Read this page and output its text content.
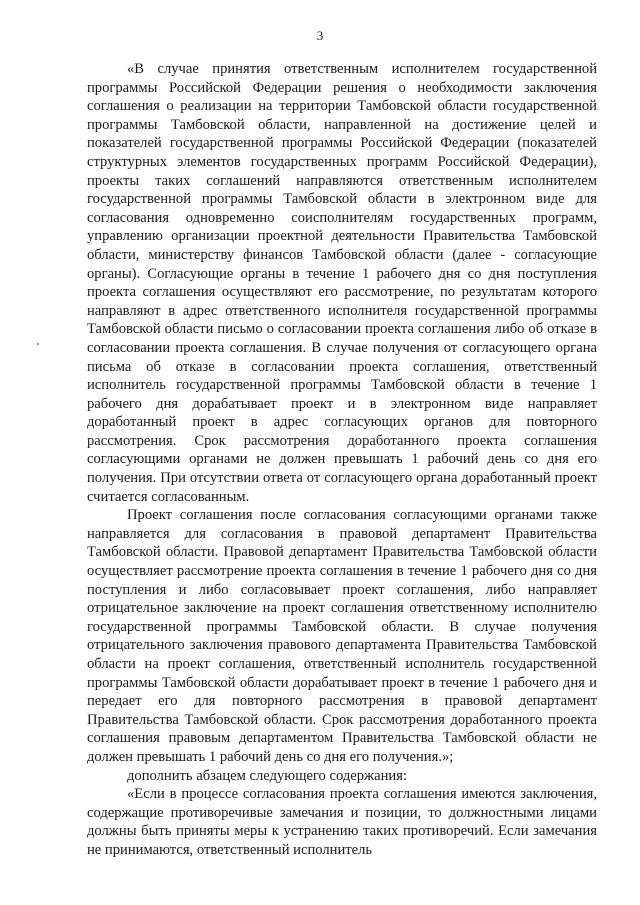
3

«В случае принятия ответственным исполнителем государственной программы Российской Федерации решения о необходимости заключения соглашения о реализации на территории Тамбовской области государственной программы Тамбовской области, направленной на достижение целей и показателей государственной программы Российской Федерации (показателей структурных элементов государственных программ Российской Федерации), проекты таких соглашений направляются ответственным исполнителем государственной программы Тамбовской области в электронном виде для согласования одновременно соисполнителям государственных программ, управлению организации проектной деятельности Правительства Тамбовской области, министерству финансов Тамбовской области (далее - согласующие органы). Согласующие органы в течение 1 рабочего дня со дня поступления проекта соглашения осуществляют его рассмотрение, по результатам которого направляют в адрес ответственного исполнителя государственной программы Тамбовской области письмо о согласовании проекта соглашения либо об отказе в согласовании проекта соглашения. В случае получения от согласующего органа письма об отказе в согласовании проекта соглашения, ответственный исполнитель государственной программы Тамбовской области в течение 1 рабочего дня дорабатывает проект и в электронном виде направляет доработанный проект в адрес согласующих органов для повторного рассмотрения. Срок рассмотрения доработанного проекта соглашения согласующими органами не должен превышать 1 рабочий день со дня его получения. При отсутствии ответа от согласующего органа доработанный проект считается согласованным.

Проект соглашения после согласования согласующими органами также направляется для согласования в правовой департамент Правительства Тамбовской области. Правовой департамент Правительства Тамбовской области осуществляет рассмотрение проекта соглашения в течение 1 рабочего дня со дня поступления и либо согласовывает проект соглашения, либо направляет отрицательное заключение на проект соглашения ответственному исполнителю государственной программы Тамбовской области. В случае получения отрицательного заключения правового департамента Правительства Тамбовской области на проект соглашения, ответственный исполнитель государственной программы Тамбовской области дорабатывает проект в течение 1 рабочего дня и передает его для повторного рассмотрения в правовой департамент Правительства Тамбовской области. Срок рассмотрения доработанного проекта соглашения правовым департаментом Правительства Тамбовской области не должен превышать 1 рабочий день со дня его получения.»;

дополнить абзацем следующего содержания:

«Если в процессе согласования проекта соглашения имеются заключения, содержащие противоречивые замечания и позиции, то должностными лицами должны быть приняты меры к устранению таких противоречий. Если замечания не принимаются, ответственный исполнитель
